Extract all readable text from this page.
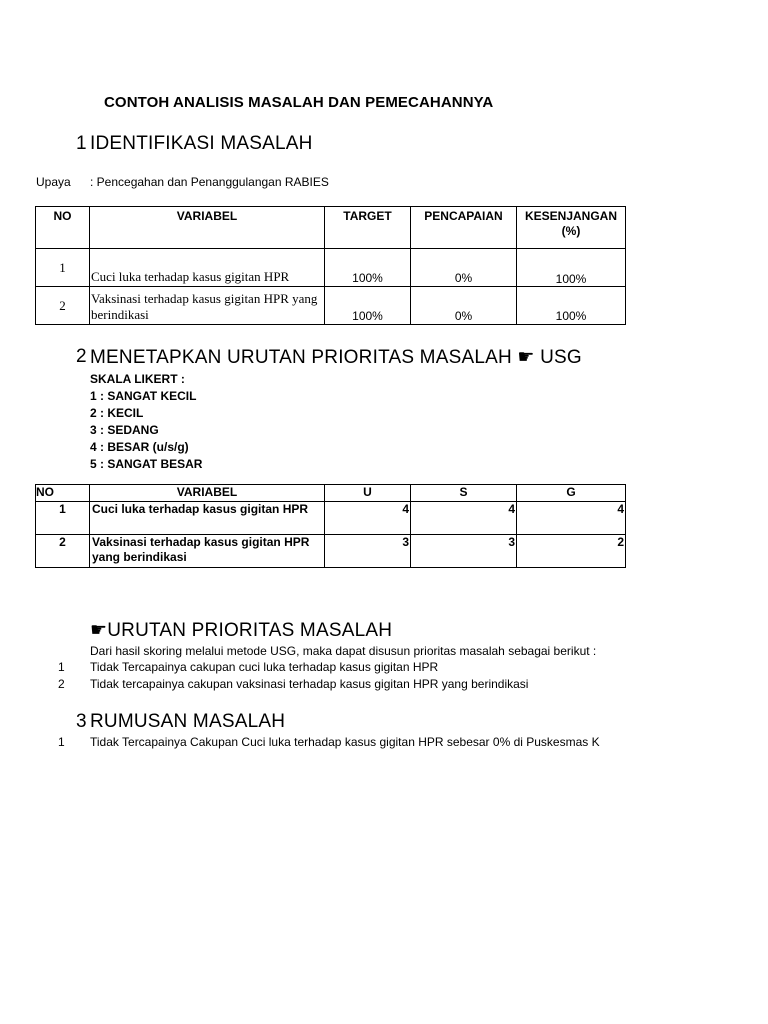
CONTOH ANALISIS MASALAH DAN PEMECAHANNYA
1 IDENTIFIKASI MASALAH
Upaya : Pencegahan dan Penanggulangan RABIES
NO	VARIABEL	TARGET	PENCAPAIAN	KESENJANGAN (%)
1	Cuci luka terhadap kasus gigitan HPR	100%	0%	100%
2	Vaksinasi terhadap kasus gigitan HPR yang berindikasi	100%	0%	100%
2 MENETAPKAN URUTAN PRIORITAS MASALAH ☛ USG
SKALA LIKERT :
1 : SANGAT KECIL
2 : KECIL
3 : SEDANG
4 : BESAR (u/s/g)
5 : SANGAT BESAR
NO	VARIABEL	U	S	G
1	Cuci luka terhadap kasus gigitan HPR	4	4	4
2	Vaksinasi terhadap kasus gigitan HPR yang berindikasi	3	3	2
☛URUTAN PRIORITAS MASALAH
Dari hasil skoring melalui metode USG, maka dapat disusun prioritas masalah sebagai berikut :
1 Tidak Tercapainya cakupan cuci luka terhadap kasus gigitan HPR
2 Tidak tercapainya cakupan vaksinasi terhadap kasus gigitan HPR yang berindikasi
3 RUMUSAN MASALAH
1 Tidak Tercapainya Cakupan Cuci luka terhadap kasus gigitan HPR sebesar 0% di Puskesmas K
